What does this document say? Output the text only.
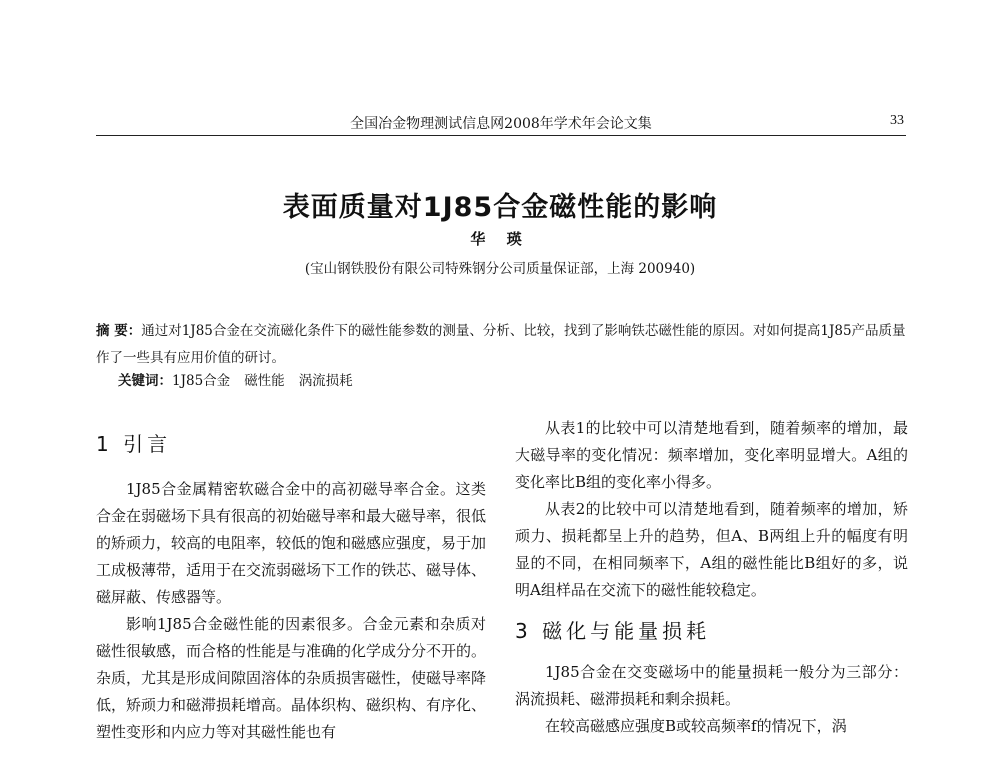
全国冶金物理测试信息网2008年学术年会论文集	33
表面质量对1J85合金磁性能的影响
华 瑛
(宝山钢铁股份有限公司特殊钢分公司质量保证部，上海 200940)
摘 要：通过对1J85合金在交流磁化条件下的磁性能参数的测量、分析、比较，找到了影响铁芯磁性能的原因。对如何提高1J85产品质量作了一些具有应用价值的研讨。
关键词：1J85合金 磁性能 涡流损耗
1 引言

1J85合金属精密软磁合金中的高初磁导率合金。这类合金在弱磁场下具有很高的初始磁导率和最大磁导率，很低的矫顽力，较高的电阻率，较低的饱和磁感应强度，易于加工成极薄带，适用于在交流弱磁场下工作的铁芯、磁导体、磁屏蔽、传感器等。

影响1J85合金磁性能的因素很多。合金元素和杂质对磁性很敏感，而合格的性能是与准确的化学成分分不开的。杂质，尤其是形成间隙固溶体的杂质损害磁性，使磁导率降低，矫顽力和磁滞损耗增高。晶体织构、磁织构、有序化、塑性变形和内应力等对其磁性能也有

从表1的比较中可以清楚地看到，随着频率的增加，最大磁导率的变化情况：频率增加，变化率明显增大。A组的变化率比B组的变化率小得多。

从表2的比较中可以清楚地看到，随着频率的增加，矫顽力、损耗都呈上升的趋势，但A、B两组上升的幅度有明显的不同，在相同频率下，A组的磁性能比B组好的多，说明A组样品在交流下的磁性能较稳定。

3 磁化与能量损耗

1J85合金在交变磁场中的能量损耗一般分为三部分：涡流损耗、磁滞损耗和剩余损耗。

在较高磁感应强度B或较高频率f的情况下，涡
